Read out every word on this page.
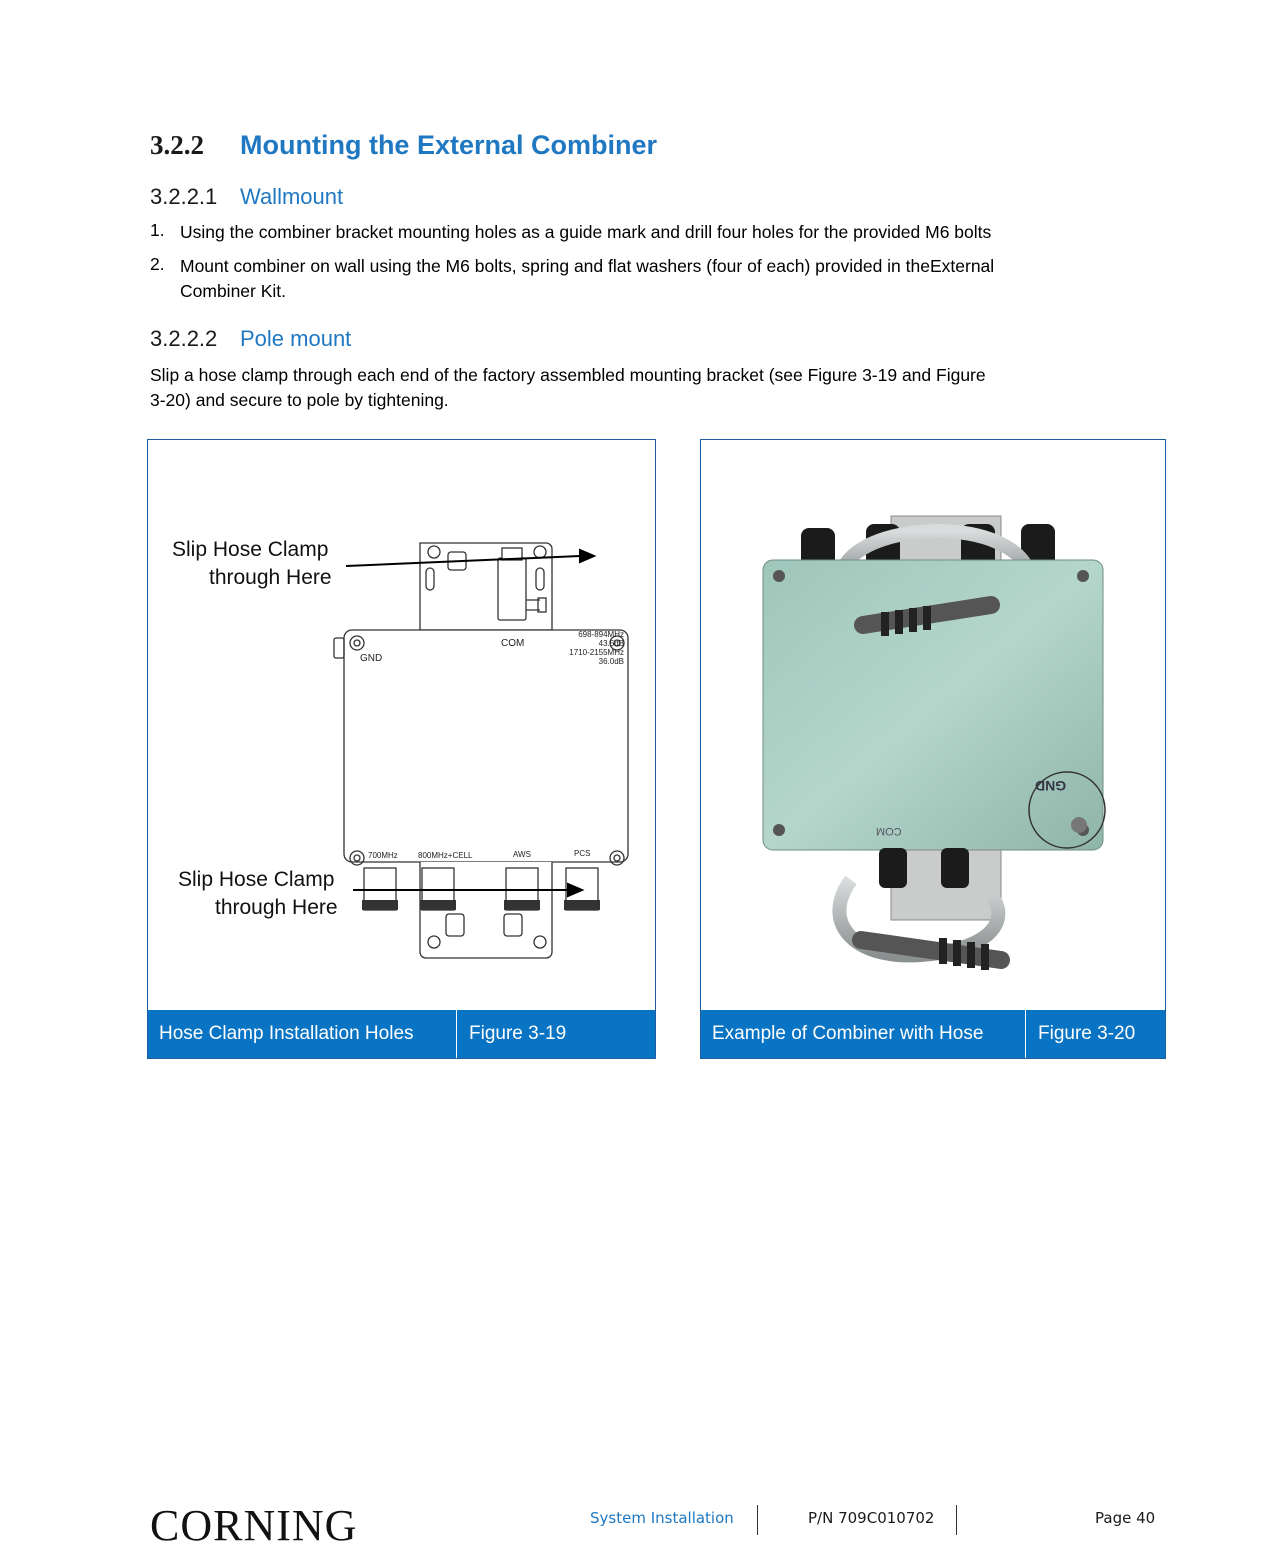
3.2.2 Mounting the External Combiner
3.2.2.1 Wallmount
1. Using the combiner bracket mounting holes as a guide mark and drill four holes for the provided M6 bolts
2. Mount combiner on wall using the M6 bolts, spring and flat washers (four of each) provided in theExternal
Combiner Kit.
3.2.2.2 Pole mount
Slip a hose clamp through each end of the factory assembled mounting bracket (see Figure 3-19 and Figure
3-20) and secure to pole by tightening.
Slip Hose Clamp
through Here
Slip Hose Clamp
through Here
GND
COM
698-894MHz
43.5dB
1710-2155MHz
36.0dB
700MHz	800MHz+CELL	AWS	PCS
Hose Clamp Installation Holes	Figure 3-19
GND
COM
Example of Combiner with Hose	Figure 3-20
CORNING	System Installation	P/N 709C010702	Page 40
